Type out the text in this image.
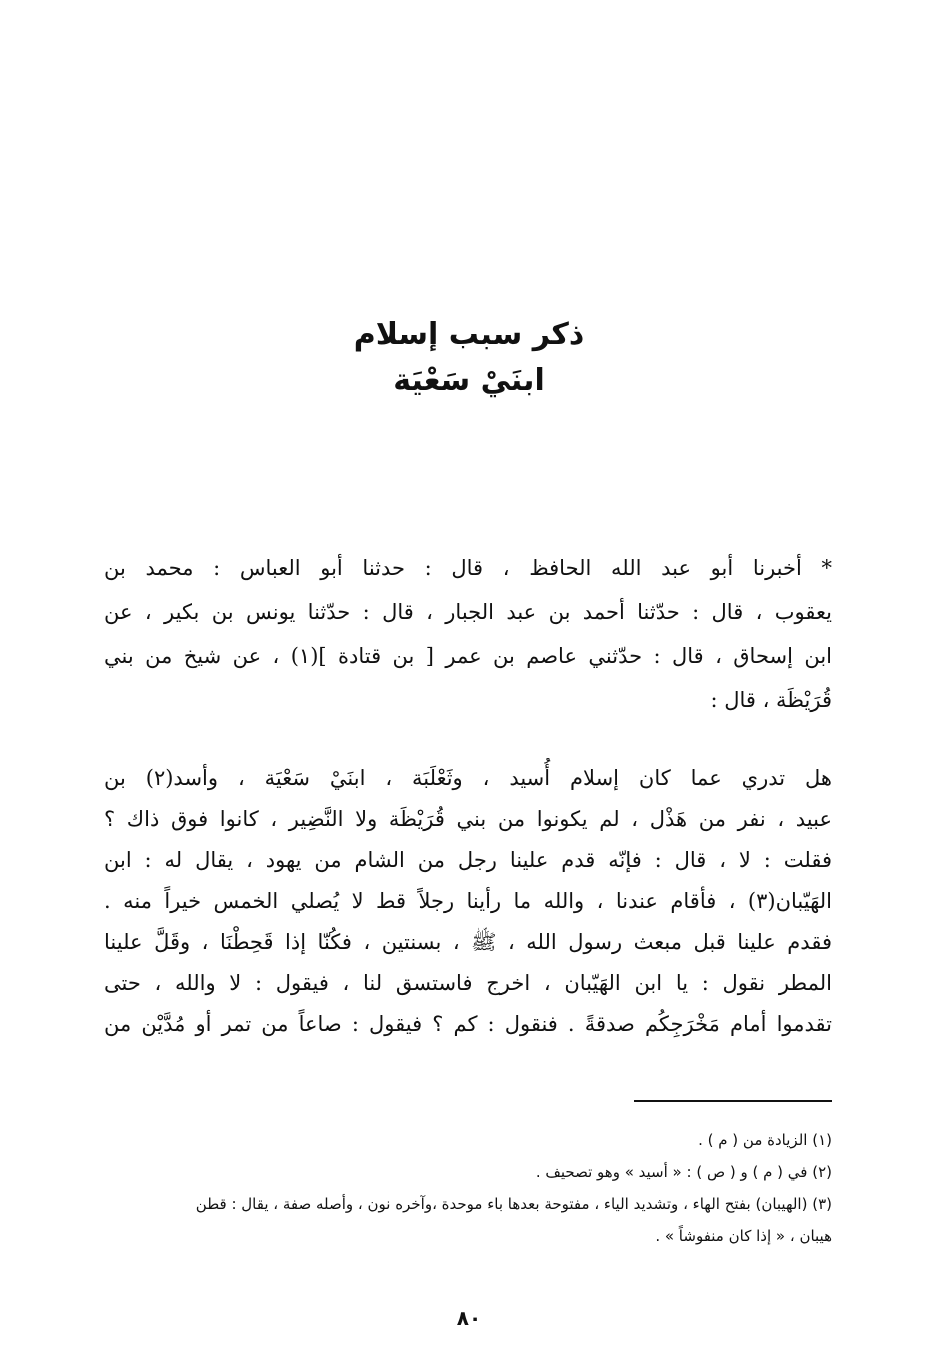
ذكر سبب إسلام

ابنَيْ سَعْيَة

* أخبرنا أبو عبد الله الحافظ ، قال : حدثنا أبو العباس : محمد بن
يعقوب ، قال : حدّثنا أحمد بن عبد الجبار ، قال : حدّثنا يونس بن بكير ، عن
ابن إسحاق ، قال : حدّثني عاصم بن عمر [ بن قتادة ](١) ، عن شيخ من بني
قُرَيْظَة ، قال :
هل تدري عما كان إسلام أُسيد ، وثَعْلَبَة ، ابنَيْ سَعْيَة ، وأسد(٢) بن
عبيد ، نفر من هَذْل ، لم يكونوا من بني قُرَيْظَة ولا النَّضِير ، كانوا فوق ذاك ؟
فقلت : لا ، قال : فإنّه قدم علينا رجل من الشام من يهود ، يقال له : ابن
الهَيّبان(٣) ، فأقام عندنا ، والله ما رأينا رجلاً قط لا يُصلي الخمس خيراً منه .
فقدم علينا قبل مبعث رسول الله ، ﷺ ، بسنتين ، فكُنّا إذا قَحِطْنَا ، وقَلَّ علينا
المطر نقول : يا ابن الهَيّبان ، اخرج فاستسق لنا ، فيقول : لا والله ، حتى
تقدموا أمام مَخْرَجِكُم صدقةً . فنقول : كم ؟ فيقول : صاعاً من تمر أو مُدَّيْن من
(١) الزيادة من ( م ) .
(٢) في ( م ) و ( ص ) : « أسيد » وهو تصحيف .
(٣) (الهيبان) بفتح الهاء ، وتشديد الياء ، مفتوحة بعدها باء موحدة ،وآخره نون ، وأصله صفة ، يقال : قطن
هيبان ، « إذا كان منفوشاً » .
٨٠
